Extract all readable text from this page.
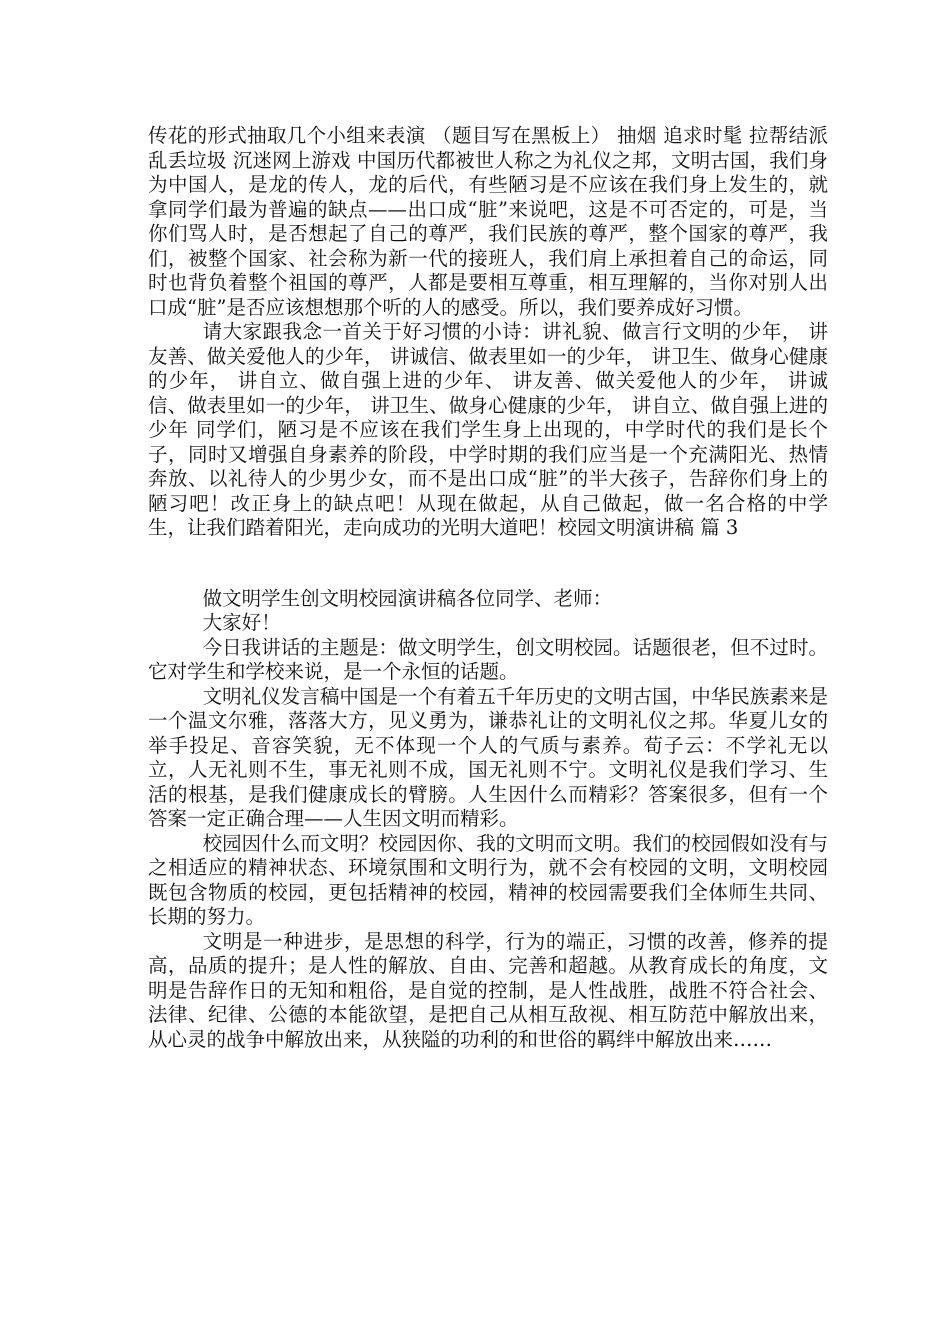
传花的形式抽取几个小组来表演 （题目写在黑板上） 抽烟 追求时髦 拉帮结派 乱丢垃圾 沉迷网上游戏 中国历代都被世人称之为礼仪之邦，文明古国，我们身为中国人，是龙的传人，龙的后代，有些陋习是不应该在我们身上发生的，就拿同学们最为普遍的缺点——出口成“脏”来说吧，这是不可否定的，可是，当你们骂人时，是否想起了自己的尊严，我们民族的尊严，整个国家的尊严，我们，被整个国家、社会称为新一代的接班人，我们肩上承担着自己的命运，同时也背负着整个祖国的尊严，人都是要相互尊重，相互理解的，当你对别人出口成“脏”是否应该想想那个听的人的感受。所以，我们要养成好习惯。

请大家跟我念一首关于好习惯的小诗：讲礼貌、做言行文明的少年， 讲友善、做关爱他人的少年， 讲诚信、做表里如一的少年， 讲卫生、做身心健康的少年， 讲自立、做自强上进的少年、 讲友善、做关爱他人的少年， 讲诚信、做表里如一的少年， 讲卫生、做身心健康的少年， 讲自立、做自强上进的少年 同学们，陋习是不应该在我们学生身上出现的，中学时代的我们是长个子，同时又增强自身素养的阶段，中学时期的我们应当是一个充满阳光、热情奔放、以礼待人的少男少女，而不是出口成“脏”的半大孩子，告辞你们身上的陋习吧！改正身上的缺点吧！从现在做起，从自己做起，做一名合格的中学生，让我们踏着阳光，走向成功的光明大道吧！校园文明演讲稿 篇 3

做文明学生创文明校园演讲稿各位同学、老师：

大家好！

今日我讲话的主题是：做文明学生，创文明校园。话题很老，但不过时。它对学生和学校来说，是一个永恒的话题。

文明礼仪发言稿中国是一个有着五千年历史的文明古国，中华民族素来是一个温文尔雅，落落大方，见义勇为，谦恭礼让的文明礼仪之邦。华夏儿女的举手投足、音容笑貌，无不体现一个人的气质与素养。荀子云：不学礼无以立，人无礼则不生，事无礼则不成，国无礼则不宁。文明礼仪是我们学习、生活的根基，是我们健康成长的臂膀。人生因什么而精彩？答案很多，但有一个答案一定正确合理——人生因文明而精彩。

校园因什么而文明？校园因你、我的文明而文明。我们的校园假如没有与之相适应的精神状态、环境氛围和文明行为，就不会有校园的文明，文明校园既包含物质的校园，更包括精神的校园，精神的校园需要我们全体师生共同、长期的努力。

文明是一种进步，是思想的科学，行为的端正，习惯的改善，修养的提高，品质的提升；是人性的解放、自由、完善和超越。从教育成长的角度，文明是告辞作日的无知和粗俗，是自觉的控制，是人性战胜，战胜不符合社会、法律、纪律、公德的本能欲望，是把自己从相互敌视、相互防范中解放出来，从心灵的战争中解放出来，从狭隘的功利的和世俗的羁绊中解放出来……
